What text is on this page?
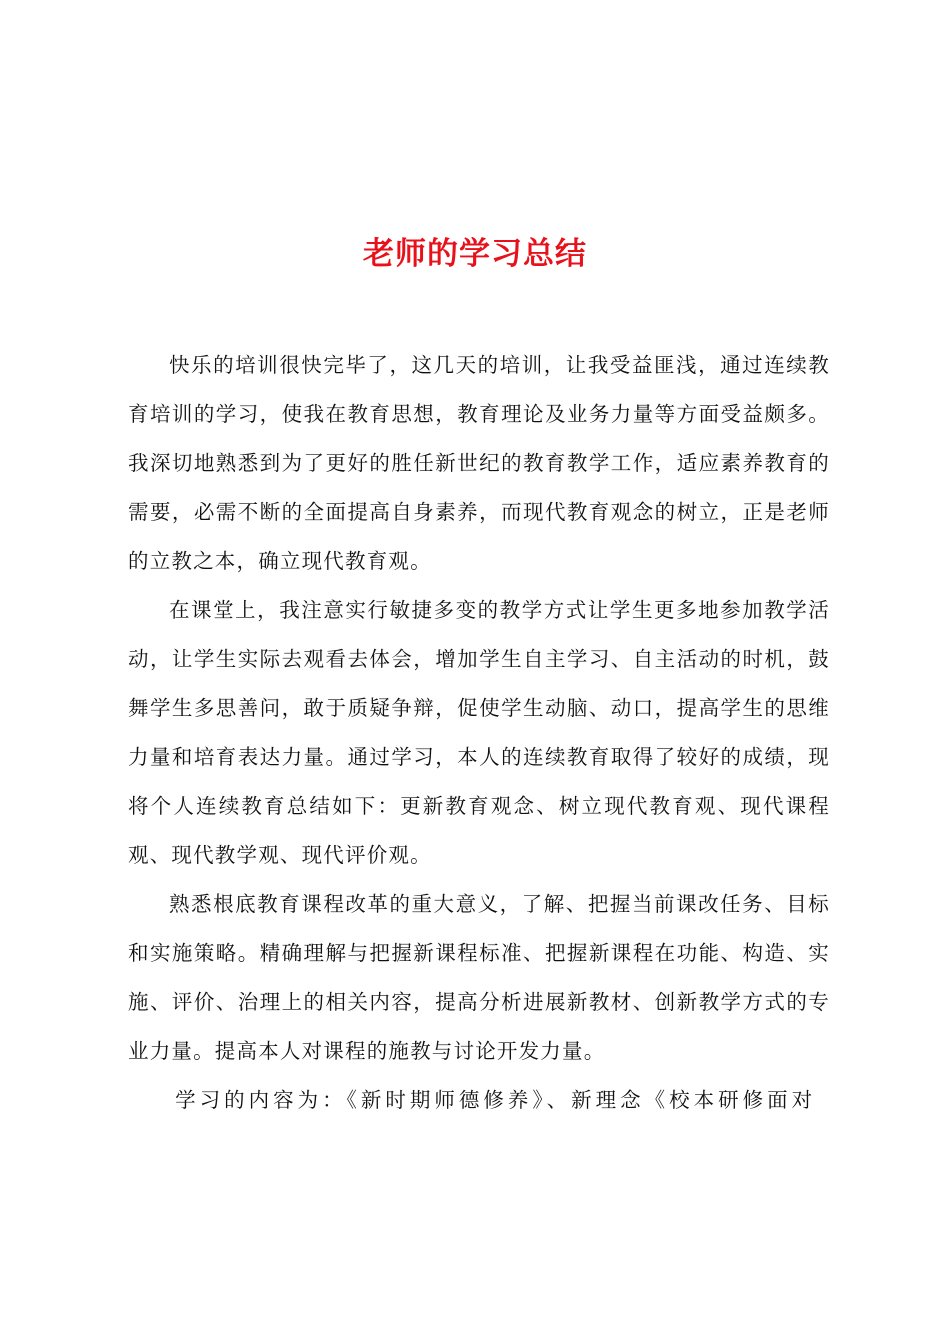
老师的学习总结

快乐的培训很快完毕了，这几天的培训，让我受益匪浅，通过连续教育培训的学习，使我在教育思想，教育理论及业务力量等方面受益颇多。我深切地熟悉到为了更好的胜任新世纪的教育教学工作，适应素养教育的需要，必需不断的全面提高自身素养，而现代教育观念的树立，正是老师的立教之本，确立现代教育观。

在课堂上，我注意实行敏捷多变的教学方式让学生更多地参加教学活动，让学生实际去观看去体会，增加学生自主学习、自主活动的时机，鼓舞学生多思善问，敢于质疑争辩，促使学生动脑、动口，提高学生的思维力量和培育表达力量。通过学习，本人的连续教育取得了较好的成绩，现将个人连续教育总结如下：更新教育观念、树立现代教育观、现代课程观、现代教学观、现代评价观。

熟悉根底教育课程改革的重大意义，了解、把握当前课改任务、目标和实施策略。精确理解与把握新课程标准、把握新课程在功能、构造、实施、评价、治理上的相关内容，提高分析进展新教材、创新教学方式的专业力量。提高本人对课程的施教与讨论开发力量。

学习的内容为：《新时期师德修养》、新理念《校本研修面对
